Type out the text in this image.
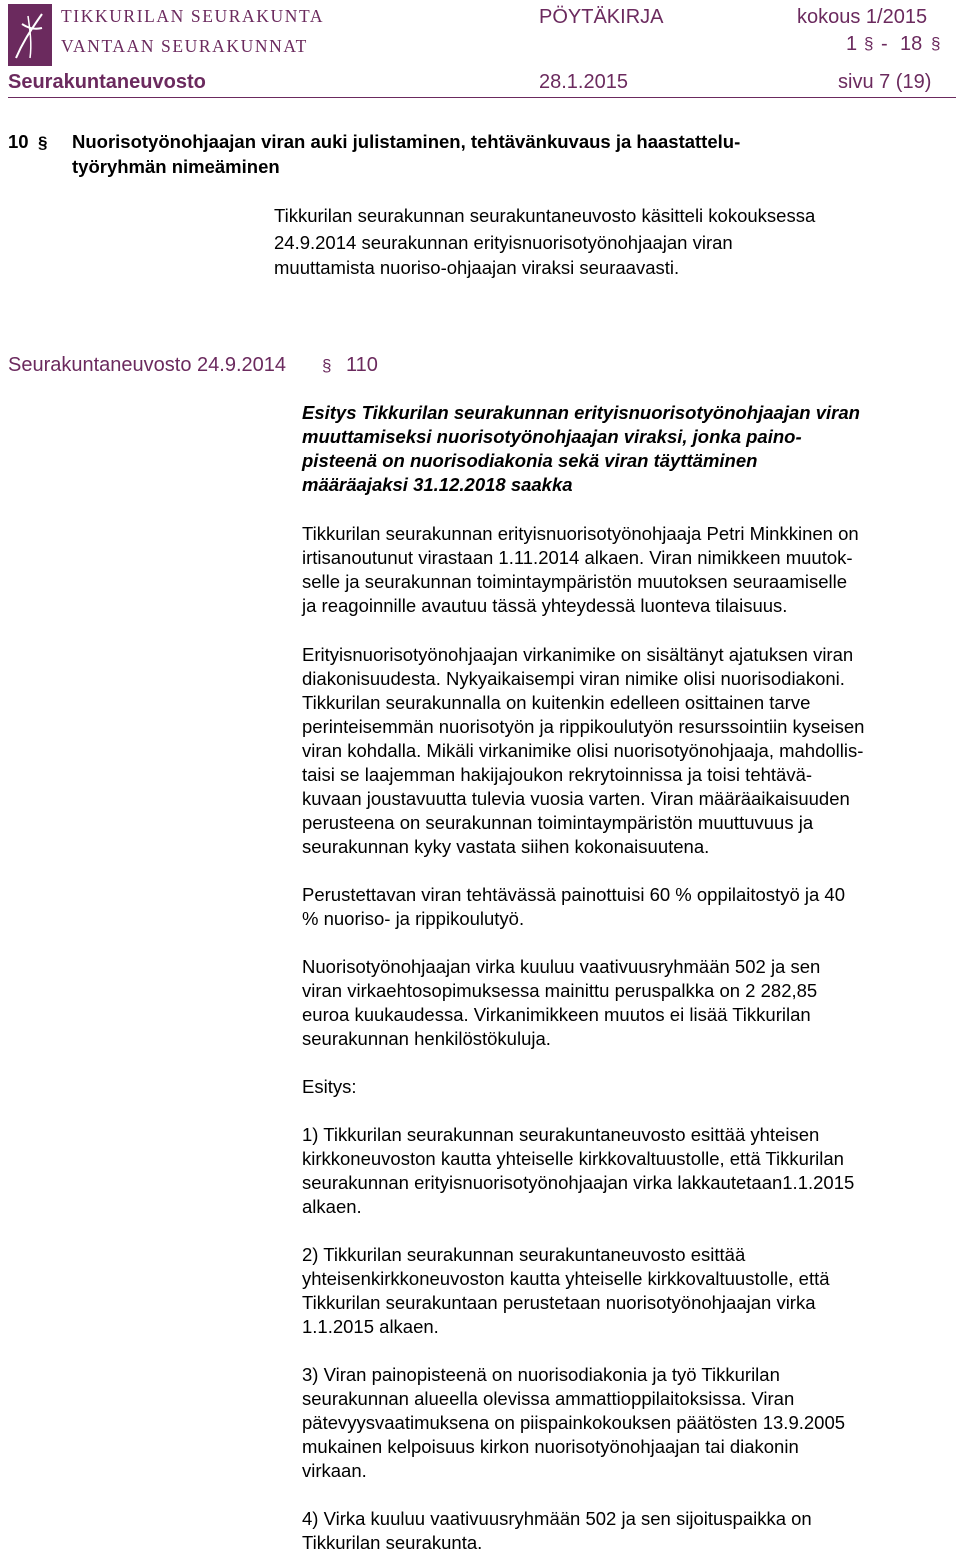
TIKKURILAN SEURAKUNTA
VANTAAN SEURAKUNNAT
PÖYTÄKIRJA	kokous 1/2015
1 § - 18 §
Seurakuntaneuvosto	28.1.2015	sivu 7 (19)
10 § Nuorisotyönohjaajan viran auki julistaminen, tehtävänkuvaus ja haastattelu-
työryhmän nimeäminen
Tikkurilan seurakunnan seurakuntaneuvosto käsitteli kokouksessa
24.9.2014 seurakunnan erityisnuorisotyönohjaajan viran
muuttamista nuoriso-ohjaajan viraksi seuraavasti.
Seurakuntaneuvosto 24.9.2014 § 110
Esitys Tikkurilan seurakunnan erityisnuorisotyönohjaajan viran
muuttamiseksi nuorisotyönohjaajan viraksi, jonka paino-
pisteenä on nuorisodiakonia sekä viran täyttäminen
määräajaksi 31.12.2018 saakka
Tikkurilan seurakunnan erityisnuorisotyönohjaaja Petri Minkkinen on
irtisanoutunut virastaan 1.11.2014 alkaen. Viran nimikkeen muutok-
selle ja seurakunnan toimintaympäristön muutoksen seuraamiselle
ja reagoinnille avautuu tässä yhteydessä luonteva tilaisuus.
Erityisnuorisotyönohjaajan virkanimike on sisältänyt ajatuksen viran
diakonisuudesta. Nykyaikaisempi viran nimike olisi nuorisodiakoni.
Tikkurilan seurakunnalla on kuitenkin edelleen osittainen tarve
perinteisemmän nuorisotyön ja rippikoulutyön resurssointiin kyseisen
viran kohdalla. Mikäli virkanimike olisi nuorisotyönohjaaja, mahdollis-
taisi se laajemman hakijajoukon rekrytoinnissa ja toisi tehtävä-
kuvaan joustavuutta tulevia vuosia varten. Viran määräaikaisuuden
perusteena on seurakunnan toimintaympäristön muuttuvuus ja
seurakunnan kyky vastata siihen kokonaisuutena.
Perustettavan viran tehtävässä painottuisi 60 % oppilaitostyö ja 40
% nuoriso- ja rippikoulutyö.
Nuorisotyönohjaajan virka kuuluu vaativuusryhmään 502 ja sen
viran virkaehtosopimuksessa mainittu peruspalkka on 2 282,85
euroa kuukaudessa. Virkanimikkeen muutos ei lisää Tikkurilan
seurakunnan henkilöstökuluja.
Esitys:
1) Tikkurilan seurakunnan seurakuntaneuvosto esittää yhteisen
kirkkoneuvoston kautta yhteiselle kirkkovaltuustolle, että Tikkurilan
seurakunnan erityisnuorisotyönohjaajan virka lakkautetaan1.1.2015
alkaen.
2) Tikkurilan seurakunnan seurakuntaneuvosto esittää
yhteisenkirkkoneuvoston kautta yhteiselle kirkkovaltuustolle, että
Tikkurilan seurakuntaan perustetaan nuorisotyönohjaajan virka
1.1.2015 alkaen.
3) Viran painopisteenä on nuorisodiakonia ja työ Tikkurilan
seurakunnan alueella olevissa ammattioppilaitoksissa. Viran
pätevyysvaatimuksena on piispainkokouksen päätösten 13.9.2005
mukainen kelpoisuus kirkon nuorisotyönohjaajan tai diakonin
virkaan.
4) Virka kuuluu vaativuusryhmään 502 ja sen sijoituspaikka on
Tikkurilan seurakunta.
